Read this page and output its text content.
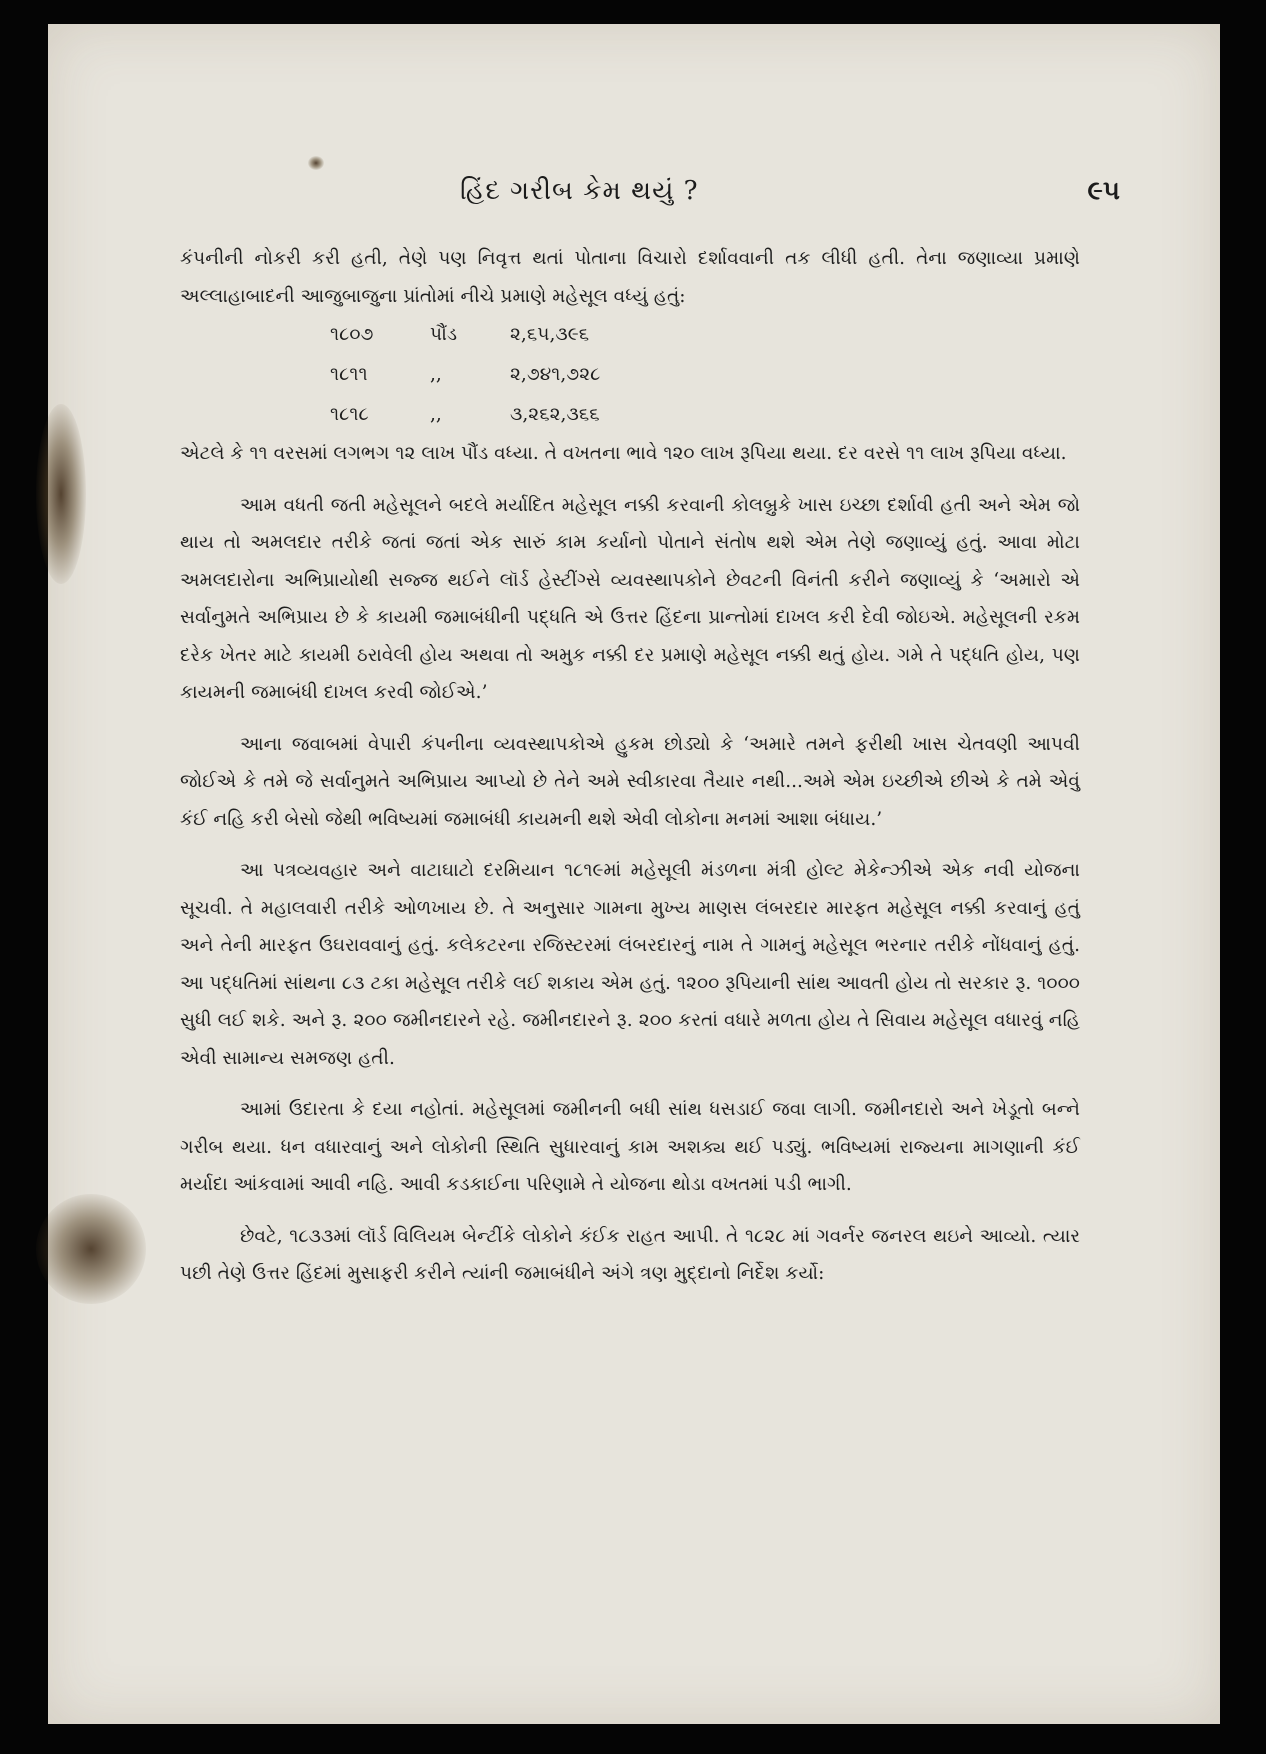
હિંદ ગરીબ કેમ થયું ?	૯૫

કંપનીની નોકરી કરી હતી, તેણે પણ નિવૃત્ત થતાં પોતાના વિચારો દર્શાવવાની તક લીધી હતી. તેના જણાવ્યા પ્રમાણે અલ્લાહાબાદની આજુબાજુના પ્રાંતોમાં નીચે પ્રમાણે મહેસૂલ વધ્યું હતું:

૧૮૦૭	પૌંડ	૨,૬૫,૩૯૬
૧૮૧૧	,,	૨,૭૪૧,૭૨૮
૧૮૧૮	,,	૩,૨૬૨,૩૬૬

એટલે કે ૧૧ વરસમાં લગભગ ૧૨ લાખ પૌંડ વધ્યા. તે વખતના ભાવે ૧૨૦ લાખ રૂપિયા થયા. દર વરસે ૧૧ લાખ રૂપિયા વધ્યા.

આમ વધતી જતી મહેસૂલને બદલે મર્યાદિત મહેસૂલ નક્કી કરવાની કોલબ્રુકે ખાસ ઇચ્છા દર્શાવી હતી અને એમ જો થાય તો અમલદાર તરીકે જતાં જતાં એક સારું કામ કર્યાનો પોતાને સંતોષ થશે એમ તેણે જણાવ્યું હતું. આવા મોટા અમલદારોના અભિપ્રાયોથી સજ્જ થઈને લૉર્ડ હેસ્ટીંગ્સે વ્યવસ્થાપકોને છેવટની વિનંતી કરીને જણાવ્યું કે ‘અમારો એ સર્વાનુમતે અભિપ્રાય છે કે કાયમી જમાબંધીની પદ્ધતિ એ ઉત્તર હિંદના પ્રાન્તોમાં દાખલ કરી દેવી જોઇએ. મહેસૂલની રકમ દરેક ખેતર માટે કાયમી ઠરાવેલી હોય અથવા તો અમુક નક્કી દર પ્રમાણે મહેસૂલ નક્કી થતું હોય. ગમે તે પદ્ધતિ હોય, પણ કાયમની જમાબંધી દાખલ કરવી જોઈએ.’

આના જવાબમાં વેપારી કંપનીના વ્યવસ્થાપકોએ હુકમ છોડ્યો કે ‘અમારે તમને ફરીથી ખાસ ચેતવણી આપવી જોઈએ કે તમે જે સર્વાનુમતે અભિપ્રાય આપ્યો છે તેને અમે સ્વીકારવા તૈયાર નથી...અમે એમ ઇચ્છીએ છીએ કે તમે એવું કંઈ નહિ કરી બેસો જેથી ભવિષ્યમાં જમાબંધી કાયમની થશે એવી લોકોના મનમાં આશા બંધાય.’

આ પત્રવ્યવહાર અને વાટાઘાટો દરમિયાન ૧૮૧૯માં મહેસૂલી મંડળના મંત્રી હોલ્ટ મેકેન્ઝીએ એક નવી યોજના સૂચવી. તે મહાલવારી તરીકે ઓળખાય છે. તે અનુસાર ગામના મુખ્ય માણસ લંબરદાર મારફત મહેસૂલ નક્કી કરવાનું હતું અને તેની મારફત ઉઘરાવવાનું હતું. કલેકટરના રજિસ્ટરમાં લંબરદારનું નામ તે ગામનું મહેસૂલ ભરનાર તરીકે નોંધવાનું હતું. આ પદ્ધતિમાં સાંથના ૮૩ ટકા મહેસૂલ તરીકે લઈ શકાય એમ હતું. ૧૨૦૦ રૂપિયાની સાંથ આવતી હોય તો સરકાર રૂ. ૧૦૦૦ સુધી લઈ શકે. અને રૂ. ૨૦૦ જમીનદારને રહે. જમીનદારને રૂ. ૨૦૦ કરતાં વધારે મળતા હોય તે સિવાય મહેસૂલ વધારવું નહિ એવી સામાન્ય સમજણ હતી.

આમાં ઉદારતા કે દયા નહોતાં. મહેસૂલમાં જમીનની બધી સાંથ ધસડાઈ જવા લાગી. જમીનદારો અને ખેડૂતો બન્ને ગરીબ થયા. ધન વધારવાનું અને લોકોની સ્થિતિ સુધારવાનું કામ અશક્ય થઈ પડ્યું. ભવિષ્યમાં રાજ્યના માગણાની કંઈ મર્યાદા આંકવામાં આવી નહિ. આવી કડકાઈના પરિણામે તે યોજના થોડા વખતમાં પડી ભાગી.

છેવટે, ૧૮૩૩માં લૉર્ડ વિલિયમ બેન્ટીંકે લોકોને કંઈક રાહત આપી. તે ૧૮૨૮ માં ગવર્નર જનરલ થઇને આવ્યો. ત્યાર પછી તેણે ઉત્તર હિંદમાં મુસાફરી કરીને ત્યાંની જમાબંધીને અંગે ત્રણ મુદ્દાનો નિર્દેશ કર્યો:
